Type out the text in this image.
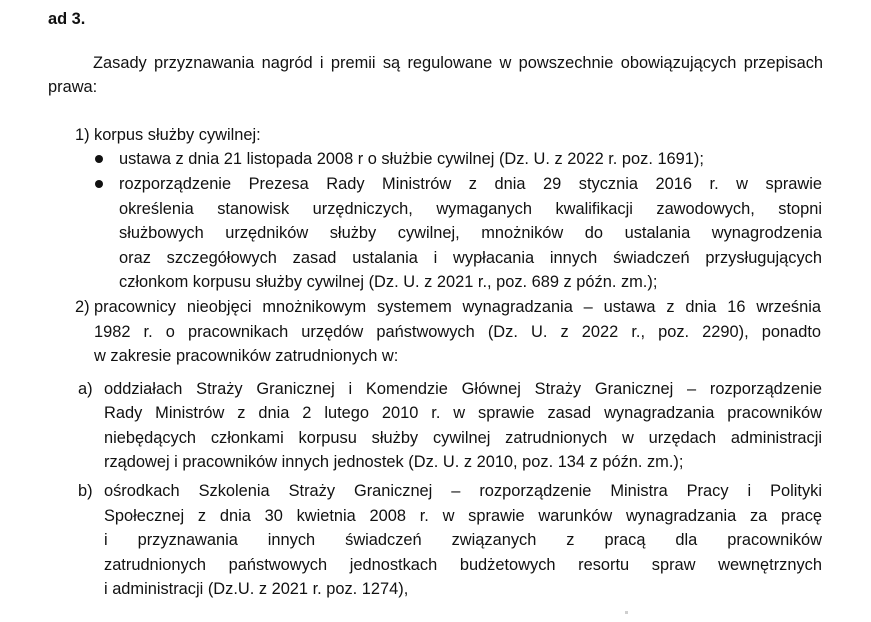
ad 3.
Zasady przyznawania nagród i premii są regulowane w powszechnie obowiązujących przepisach prawa:
1) korpus służby cywilnej:
ustawa z dnia 21 listopada 2008 r o służbie cywilnej (Dz. U. z 2022 r. poz. 1691);
rozporządzenie Prezesa Rady Ministrów z dnia 29 stycznia 2016 r. w sprawie
określenia stanowisk urzędniczych, wymaganych kwalifikacji zawodowych, stopni
służbowych urzędników służby cywilnej, mnożników do ustalania wynagrodzenia
oraz szczegółowych zasad ustalania i wypłacania innych świadczeń przysługujących
członkom korpusu służby cywilnej (Dz. U. z 2021 r., poz. 689 z późn. zm.);
2) pracownicy nieobjęci mnożnikowym systemem wynagradzania – ustawa z dnia 16 września
1982 r. o pracownikach urzędów państwowych (Dz. U. z 2022 r., poz. 2290), ponadto
w zakresie pracowników zatrudnionych w:
a) oddziałach Straży Granicznej i Komendzie Głównej Straży Granicznej – rozporządzenie
Rady Ministrów z dnia 2 lutego 2010 r. w sprawie zasad wynagradzania pracowników
niebędących członkami korpusu służby cywilnej zatrudnionych w urzędach administracji
rządowej i pracowników innych jednostek (Dz. U. z 2010, poz. 134 z późn. zm.);
b) ośrodkach Szkolenia Straży Granicznej – rozporządzenie Ministra Pracy i Polityki
Społecznej z dnia 30 kwietnia 2008 r. w sprawie warunków wynagradzania za pracę
i przyznawania innych świadczeń związanych z pracą dla pracowników
zatrudnionych państwowych jednostkach budżetowych resortu spraw wewnętrznych
i administracji (Dz.U. z 2021 r. poz. 1274),
